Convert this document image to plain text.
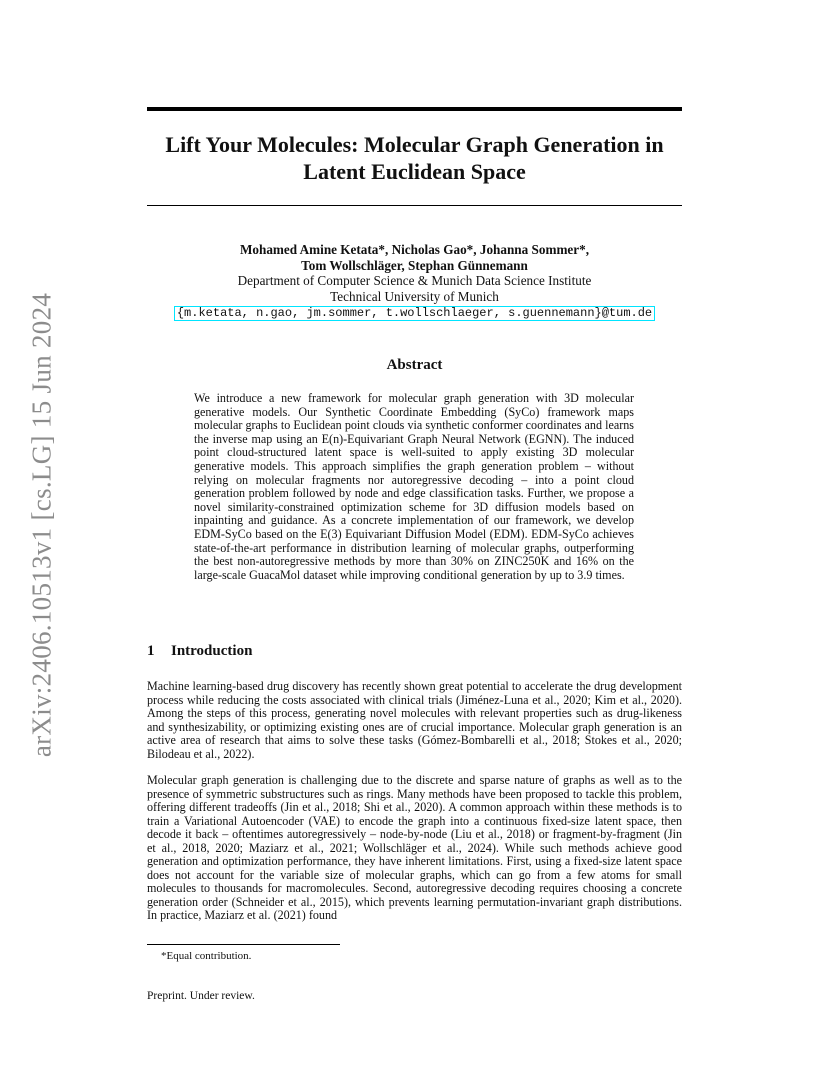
arXiv:2406.10513v1 [cs.LG] 15 Jun 2024
Lift Your Molecules: Molecular Graph Generation in Latent Euclidean Space
Mohamed Amine Ketata*, Nicholas Gao*, Johanna Sommer*,
Tom Wollschläger, Stephan Günnemann
Department of Computer Science & Munich Data Science Institute
Technical University of Munich
{m.ketata, n.gao, jm.sommer, t.wollschlaeger, s.guennemann}@tum.de
Abstract

We introduce a new framework for molecular graph generation with 3D molecular generative models. Our Synthetic Coordinate Embedding (SyCo) framework maps molecular graphs to Euclidean point clouds via synthetic conformer coordinates and learns the inverse map using an E(n)-Equivariant Graph Neural Network (EGNN). The induced point cloud-structured latent space is well-suited to apply existing 3D molecular generative models. This approach simplifies the graph generation problem – without relying on molecular fragments nor autoregressive decoding – into a point cloud generation problem followed by node and edge classification tasks. Further, we propose a novel similarity-constrained optimization scheme for 3D diffusion models based on inpainting and guidance. As a concrete implementation of our framework, we develop EDM-SyCo based on the E(3) Equivariant Diffusion Model (EDM). EDM-SyCo achieves state-of-the-art performance in distribution learning of molecular graphs, outperforming the best non-autoregressive methods by more than 30% on ZINC250K and 16% on the large-scale GuacaMol dataset while improving conditional generation by up to 3.9 times.

1 Introduction

Machine learning-based drug discovery has recently shown great potential to accelerate the drug development process while reducing the costs associated with clinical trials (Jiménez-Luna et al., 2020; Kim et al., 2020). Among the steps of this process, generating novel molecules with relevant properties such as drug-likeness and synthesizability, or optimizing existing ones are of crucial importance. Molecular graph generation is an active area of research that aims to solve these tasks (Gómez-Bombarelli et al., 2018; Stokes et al., 2020; Bilodeau et al., 2022).

Molecular graph generation is challenging due to the discrete and sparse nature of graphs as well as to the presence of symmetric substructures such as rings. Many methods have been proposed to tackle this problem, offering different tradeoffs (Jin et al., 2018; Shi et al., 2020). A common approach within these methods is to train a Variational Autoencoder (VAE) to encode the graph into a continuous fixed-size latent space, then decode it back – oftentimes autoregressively – node-by-node (Liu et al., 2018) or fragment-by-fragment (Jin et al., 2018, 2020; Maziarz et al., 2021; Wollschläger et al., 2024). While such methods achieve good generation and optimization performance, they have inherent limitations. First, using a fixed-size latent space does not account for the variable size of molecular graphs, which can go from a few atoms for small molecules to thousands for macromolecules. Second, autoregressive decoding requires choosing a concrete generation order (Schneider et al., 2015), which prevents learning permutation-invariant graph distributions. In practice, Maziarz et al. (2021) found

*Equal contribution.

Preprint. Under review.
